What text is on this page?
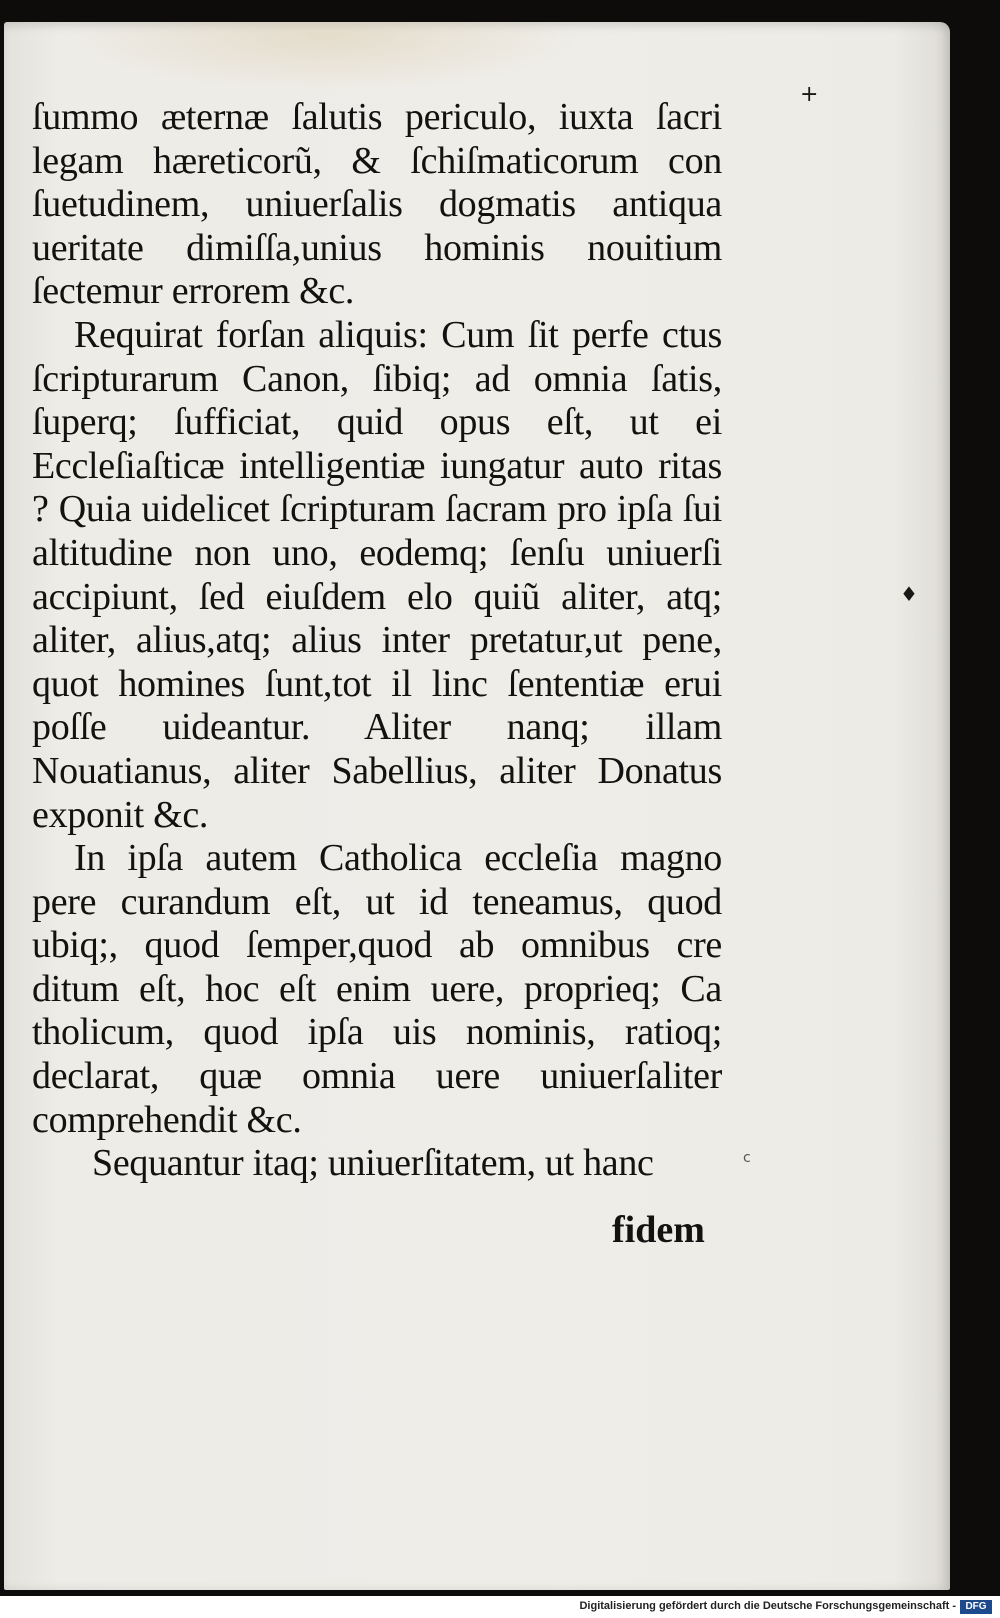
+
♦
c

ſummo æternæ ſalutis periculo, iuxta ſacri legam hæreticorũ, & ſchiſmaticorum con ſuetudinem, uniuerſalis dogmatis antiqua ueritate dimiſſa,unius hominis nouitium ſectemur errorem &c.

Requirat forſan aliquis: Cum ſit perfe ctus ſcripturarum Canon, ſibiq; ad omnia ſatis, ſuperq; ſufficiat, quid opus eſt, ut ei Eccleſiaſticæ intelligentiæ iungatur auto ritas ? Quia uidelicet ſcripturam ſacram pro ipſa ſui altitudine non uno, eodemq; ſenſu uniuerſi accipiunt, ſed eiuſdem elo quiũ aliter, atq; aliter, alius,atq; alius inter pretatur,ut pene, quot homines ſunt,tot il linc ſententiæ erui poſſe uideantur. Aliter nanq; illam Nouatianus, aliter Sabellius, aliter Donatus exponit &c.

In ipſa autem Catholica eccleſia magno pere curandum eſt, ut id teneamus, quod ubiq;, quod ſemper,quod ab omnibus cre ditum eſt, hoc eſt enim uere, proprieq; Ca tholicum, quod ipſa uis nominis, ratioq; declarat, quæ omnia uere uniuerſaliter comprehendit &c.

Sequantur itaq; uniuerſitatem, ut hanc

fidem
Digitalisierung gefördert durch die Deutsche Forschungsgemeinschaft - DFG
